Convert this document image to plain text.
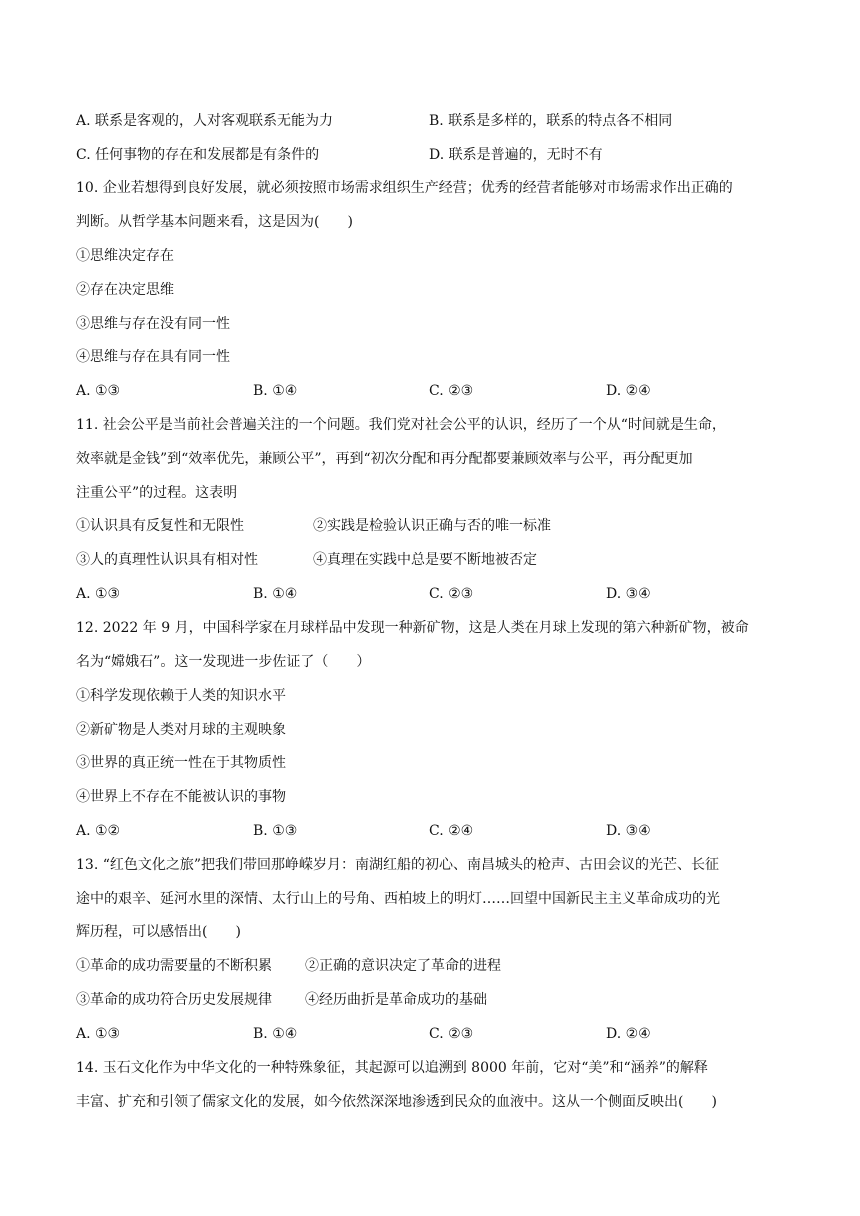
A. 联系是客观的，人对客观联系无能为力	B. 联系是多样的，联系的特点各不相同
C. 任何事物的存在和发展都是有条件的	D. 联系是普遍的，无时不有
10. 企业若想得到良好发展，就必须按照市场需求组织生产经营；优秀的经营者能够对市场需求作出正确的
判断。从哲学基本问题来看，这是因为(　　)
①思维决定存在
②存在决定思维
③思维与存在没有同一性
④思维与存在具有同一性
A. ①③	B. ①④	C. ②③	D. ②④
11. 社会公平是当前社会普遍关注的一个问题。我们党对社会公平的认识，经历了一个从“时间就是生命，
效率就是金钱”到“效率优先，兼顾公平”，再到“初次分配和再分配都要兼顾效率与公平，再分配更加
注重公平”的过程。这表明
①认识具有反复性和无限性	②实践是检验认识正确与否的唯一标准
③人的真理性认识具有相对性	④真理在实践中总是要不断地被否定
A. ①③	B. ①④	C. ②③	D. ③④
12. 2022 年 9 月，中国科学家在月球样品中发现一种新矿物，这是人类在月球上发现的第六种新矿物，被命
名为“嫦娥石”。这一发现进一步佐证了（　　）
①科学发现依赖于人类的知识水平
②新矿物是人类对月球的主观映象
③世界的真正统一性在于其物质性
④世界上不存在不能被认识的事物
A. ①②	B. ①③	C. ②④	D. ③④
13. “红色文化之旅”把我们带回那峥嵘岁月：南湖红船的初心、南昌城头的枪声、古田会议的光芒、长征
途中的艰辛、延河水里的深情、太行山上的号角、西柏坡上的明灯……回望中国新民主主义革命成功的光
辉历程，可以感悟出(　　)
①革命的成功需要量的不断积累 ②正确的意识决定了革命的进程
③革命的成功符合历史发展规律 ④经历曲折是革命成功的基础
A. ①③	B. ①④	C. ②③	D. ②④
14. 玉石文化作为中华文化的一种特殊象征，其起源可以追溯到 8000 年前，它对“美”和“涵养”的解释
丰富、扩充和引领了儒家文化的发展，如今依然深深地渗透到民众的血液中。这从一个侧面反映出(　　)
